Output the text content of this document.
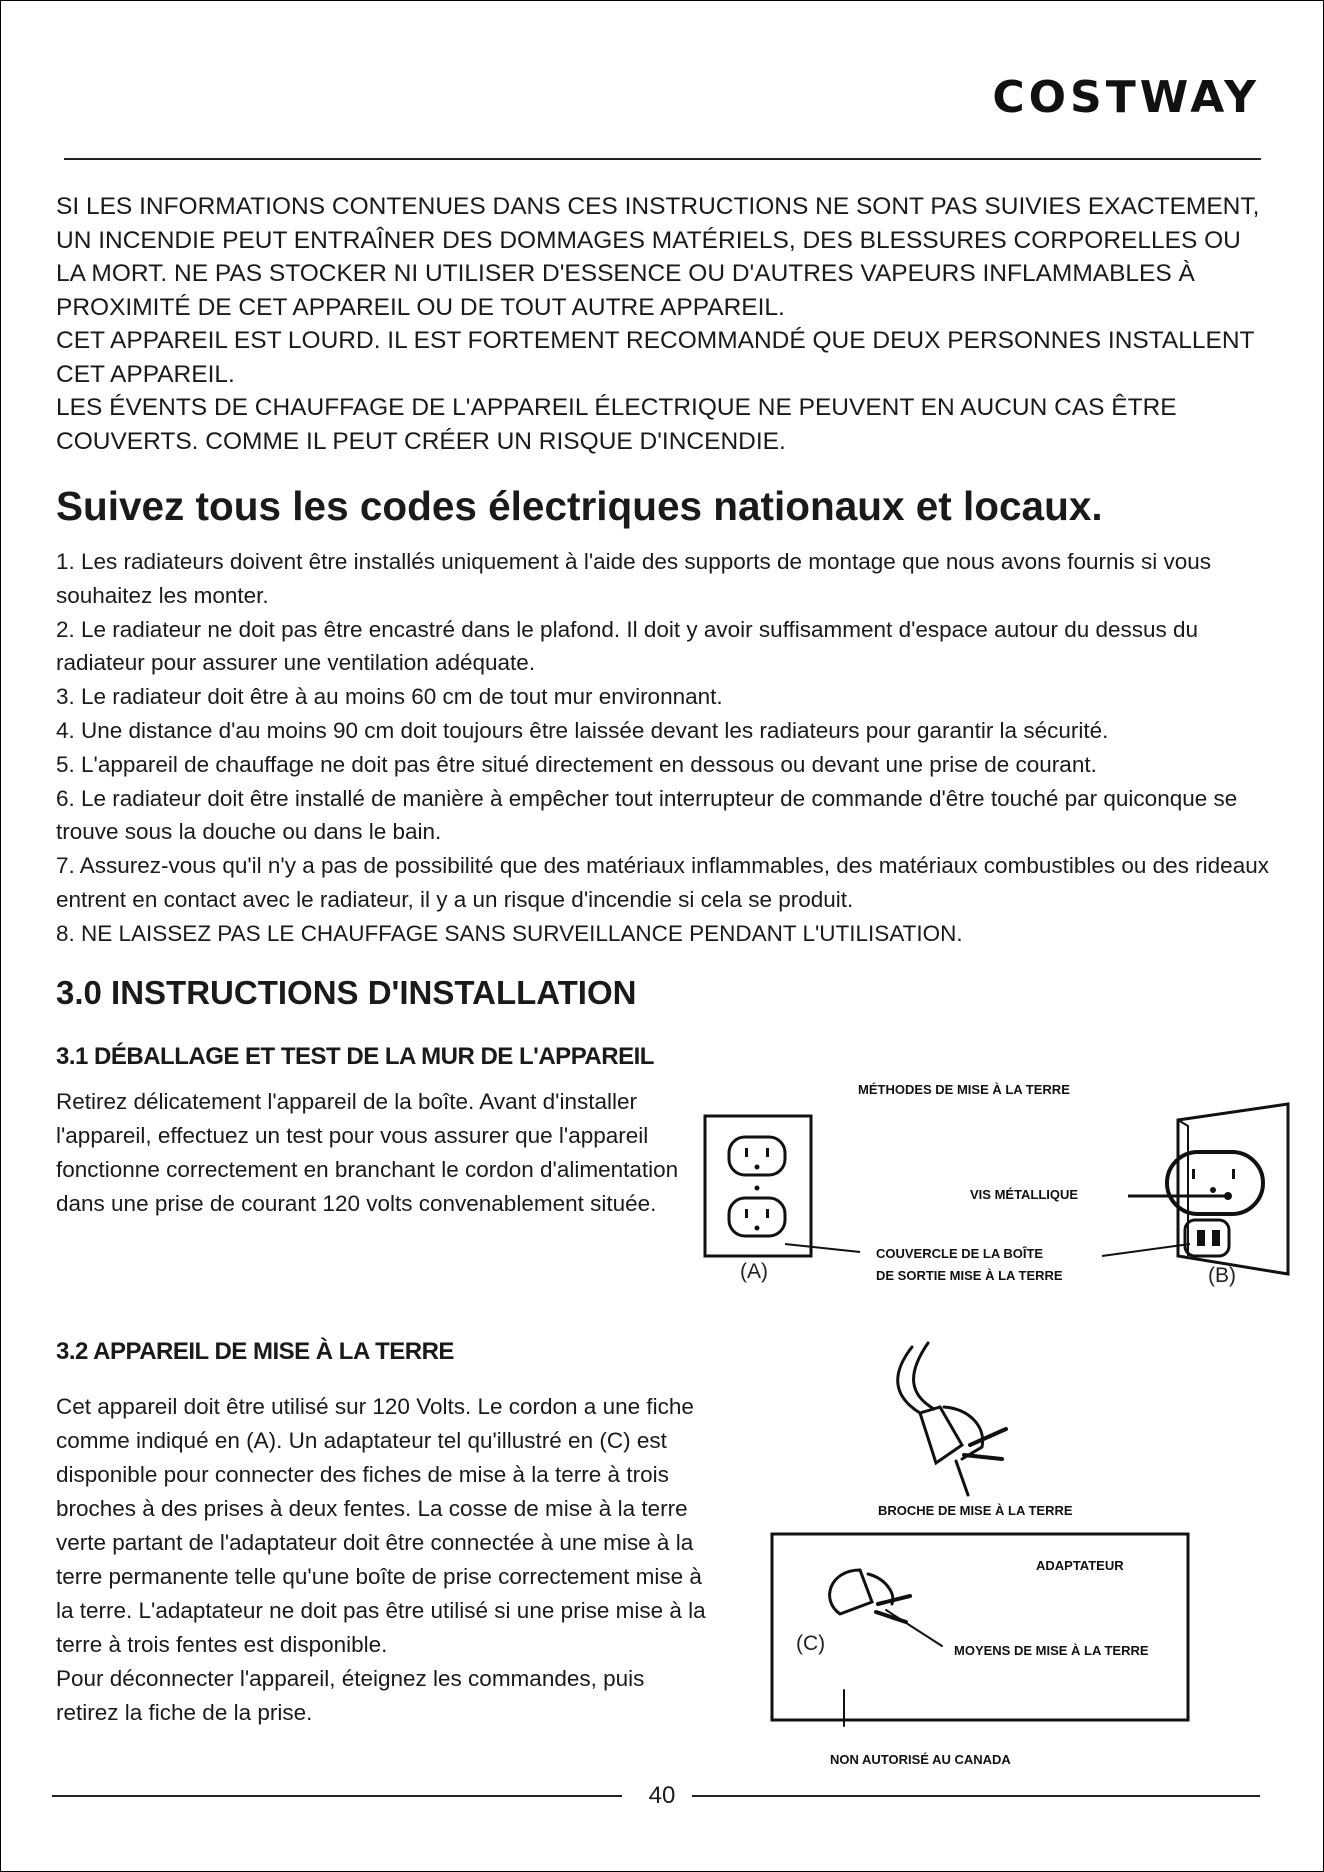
COSTWAY

SI LES INFORMATIONS CONTENUES DANS CES INSTRUCTIONS NE SONT PAS SUIVIES EXACTEMENT, UN INCENDIE PEUT ENTRAÎNER DES DOMMAGES MATÉRIELS, DES BLESSURES CORPORELLES OU LA MORT. NE PAS STOCKER NI UTILISER D'ESSENCE OU D'AUTRES VAPEURS INFLAMMABLES À PROXIMITÉ DE CET APPAREIL OU DE TOUT AUTRE APPAREIL.

CET APPAREIL EST LOURD. IL EST FORTEMENT RECOMMANDÉ QUE DEUX PERSONNES INSTALLENT CET APPAREIL.

LES ÉVENTS DE CHAUFFAGE DE L'APPAREIL ÉLECTRIQUE NE PEUVENT EN AUCUN CAS ÊTRE COUVERTS. COMME IL PEUT CRÉER UN RISQUE D'INCENDIE.

Suivez tous les codes électriques nationaux et locaux.
1. Les radiateurs doivent être installés uniquement à l'aide des supports de montage que nous avons fournis si vous souhaitez les monter.
2. Le radiateur ne doit pas être encastré dans le plafond. Il doit y avoir suffisamment d'espace autour du dessus du radiateur pour assurer une ventilation adéquate.
3. Le radiateur doit être à au moins 60 cm de tout mur environnant.
4. Une distance d'au moins 90 cm doit toujours être laissée devant les radiateurs pour garantir la sécurité.
5. L'appareil de chauffage ne doit pas être situé directement en dessous ou devant une prise de courant.
6. Le radiateur doit être installé de manière à empêcher tout interrupteur de commande d'être touché par quiconque se trouve sous la douche ou dans le bain.
7. Assurez-vous qu'il n'y a pas de possibilité que des matériaux inflammables, des matériaux combustibles ou des rideaux entrent en contact avec le radiateur, il y a un risque d'incendie si cela se produit.
8. NE LAISSEZ PAS LE CHAUFFAGE SANS SURVEILLANCE PENDANT L'UTILISATION.
3.0 INSTRUCTIONS D'INSTALLATION
3.1 DÉBALLAGE ET TEST DE LA MUR DE L'APPAREIL

Retirez délicatement l'appareil de la boîte. Avant d'installer l'appareil, effectuez un test pour vous assurer que l'appareil fonctionne correctement en branchant le cordon d'alimentation dans une prise de courant 120 volts convenablement située.

3.2 APPAREIL DE MISE À LA TERRE

Cet appareil doit être utilisé sur 120 Volts. Le cordon a une fiche comme indiqué en (A). Un adaptateur tel qu'illustré en (C) est disponible pour connecter des fiches de mise à la terre à trois broches à des prises à deux fentes. La cosse de mise à la terre verte partant de l'adaptateur doit être connectée à une mise à la terre permanente telle qu'une boîte de prise correctement mise à la terre. L'adaptateur ne doit pas être utilisé si une prise mise à la terre à trois fentes est disponible.

Pour déconnecter l'appareil, éteignez les commandes, puis retirez la fiche de la prise.

MÉTHODES DE MISE À LA TERRE
VIS MÉTALLIQUE
COUVERCLE DE LA BOÎTE
DE SORTIE MISE À LA TERRE
(A)	(B)
BROCHE DE MISE À LA TERRE
ADAPTATEUR
MOYENS DE MISE À LA TERRE
(C)
NON AUTORISÉ AU CANADA
40
